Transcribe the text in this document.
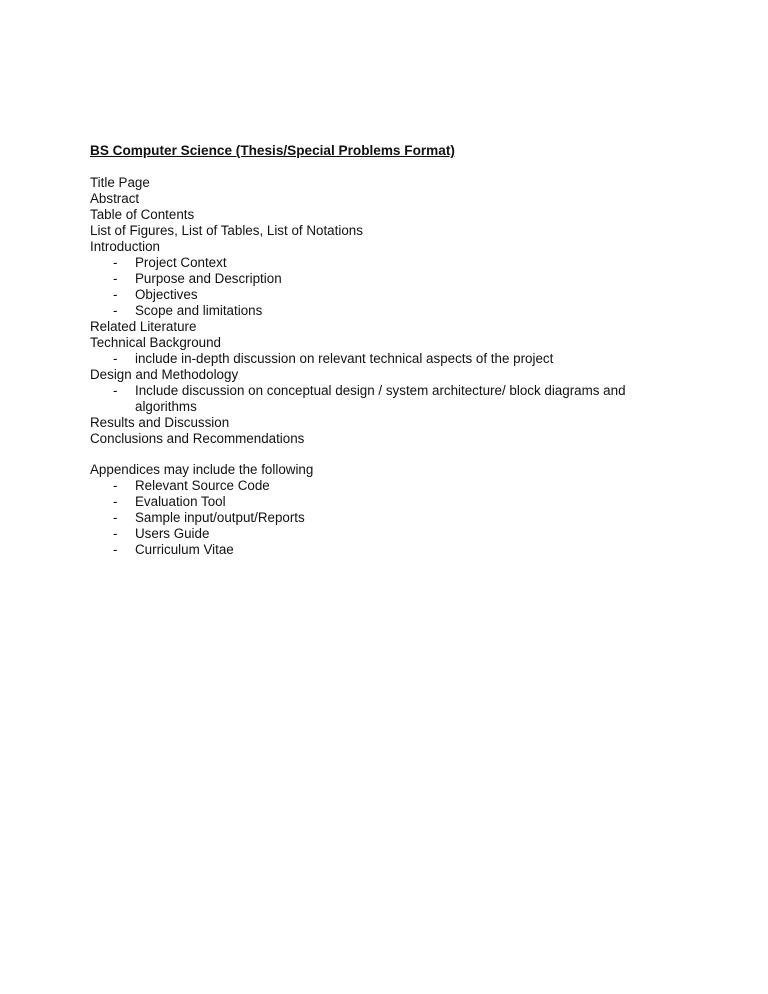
BS Computer Science (Thesis/Special Problems Format)
Title Page
Abstract
Table of Contents
List of Figures, List of Tables, List of Notations
Introduction
- Project Context
- Purpose and Description
- Objectives
- Scope and limitations
Related Literature
Technical Background
- include in-depth discussion on relevant technical aspects of the project
Design and Methodology
- Include discussion on conceptual design / system architecture/ block diagrams and algorithms
Results and Discussion
Conclusions and Recommendations
Appendices may include the following
- Relevant Source Code
- Evaluation Tool
- Sample input/output/Reports
- Users Guide
- Curriculum Vitae
